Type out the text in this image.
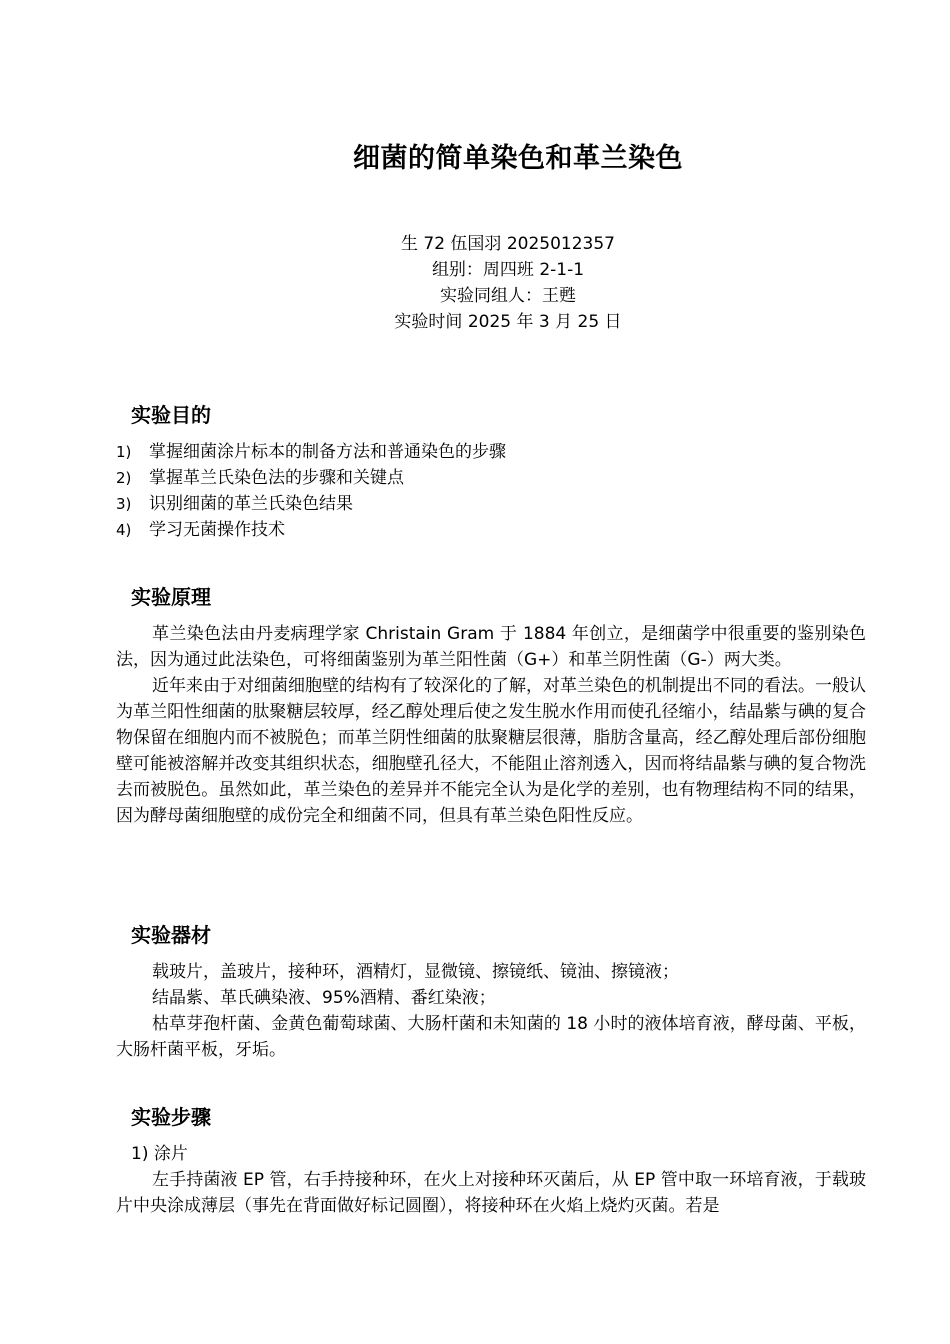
细菌的简单染色和革兰染色
生 72 伍国羽 2025012357
组别：周四班 2-1-1
实验同组人：王甦
实验时间 2025 年 3 月 25 日
实验目的
1)	掌握细菌涂片标本的制备方法和普通染色的步骤
2)	掌握革兰氏染色法的步骤和关键点
3)	识别细菌的革兰氏染色结果
4)	学习无菌操作技术
实验原理

革兰染色法由丹麦病理学家 Christain Gram 于 1884 年创立，是细菌学中很重要的鉴别染色法，因为通过此法染色，可将细菌鉴别为革兰阳性菌（G+）和革兰阴性菌（G-）两大类。

近年来由于对细菌细胞壁的结构有了较深化的了解，对革兰染色的机制提出不同的看法。一般认为革兰阳性细菌的肽聚糖层较厚，经乙醇处理后使之发生脱水作用而使孔径缩小，结晶紫与碘的复合物保留在细胞内而不被脱色；而革兰阴性细菌的肽聚糖层很薄，脂肪含量高，经乙醇处理后部份细胞壁可能被溶解并改变其组织状态，细胞壁孔径大，不能阻止溶剂透入，因而将结晶紫与碘的复合物洗去而被脱色。虽然如此，革兰染色的差异并不能完全认为是化学的差别，也有物理结构不同的结果，因为酵母菌细胞壁的成份完全和细菌不同，但具有革兰染色阳性反应。

实验器材

载玻片，盖玻片，接种环，酒精灯，显微镜、擦镜纸、镜油、擦镜液；

结晶紫、革氏碘染液、95%酒精、番红染液；

枯草芽孢杆菌、金黄色葡萄球菌、大肠杆菌和未知菌的 18 小时的液体培育液，酵母菌、平板，大肠杆菌平板，牙垢。

实验步骤
1) 涂片

左手持菌液 EP 管，右手持接种环，在火上对接种环灭菌后，从 EP 管中取一环培育液，于载玻片中央涂成薄层（事先在背面做好标记圆圈），将接种环在火焰上烧灼灭菌。若是
